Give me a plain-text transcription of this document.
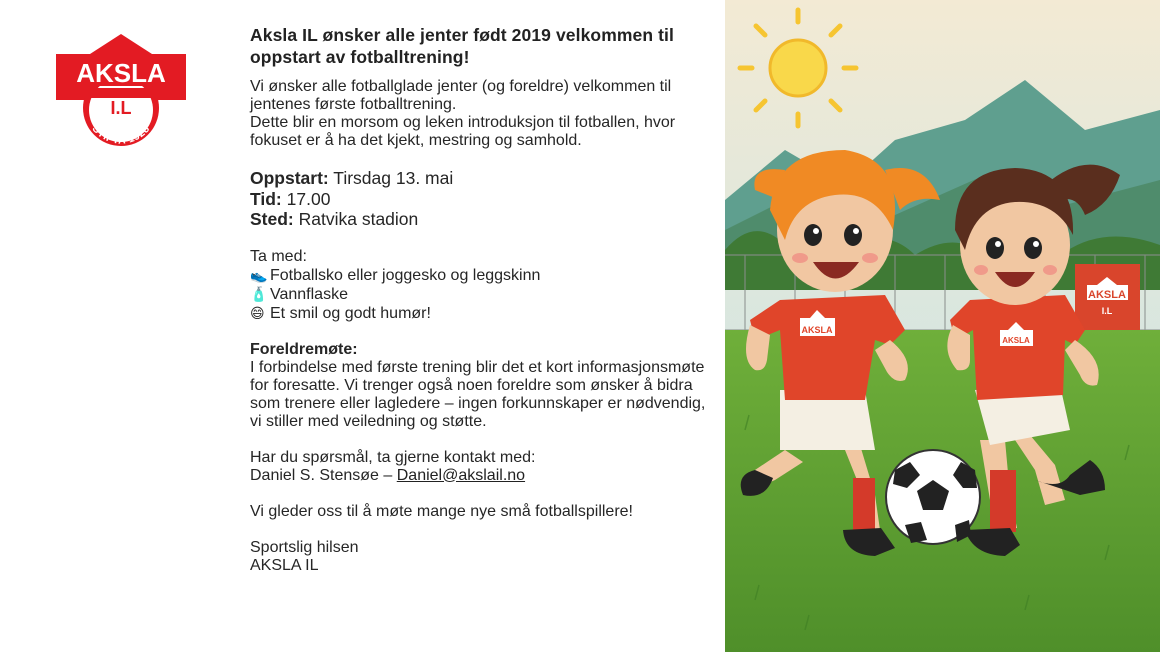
AKSLA
I.L
STIFTA 1928
Aksla IL ønsker alle jenter født 2019 velkommen til oppstart av fotballtrening!
Vi ønsker alle fotballglade jenter (og foreldre) velkommen til jentenes første fotballtrening.
Dette blir en morsom og leken introduksjon til fotballen, hvor fokuset er å ha det kjekt, mestring og samhold.
Oppstart: Tirsdag 13. mai
Tid: 17.00
Sted: Ratvika stadion
Ta med:
👟 Fotballsko eller joggesko og leggskinn
🧴 Vannflaske
😄 Et smil og godt humør!
Foreldremøte:
I forbindelse med første trening blir det et kort informasjonsmøte for foresatte. Vi trenger også noen foreldre som ønsker å bidra som trenere eller lagledere – ingen forkunnskaper er nødvendig, vi stiller med veiledning og støtte.
Har du spørsmål, ta gjerne kontakt med:
Daniel S. Stensøe – Daniel@akslail.no
Vi gleder oss til å møte mange nye små fotballspillere!
Sportslig hilsen
AKSLA IL
AKSLA
I.L
AKSLA
AKSLA
